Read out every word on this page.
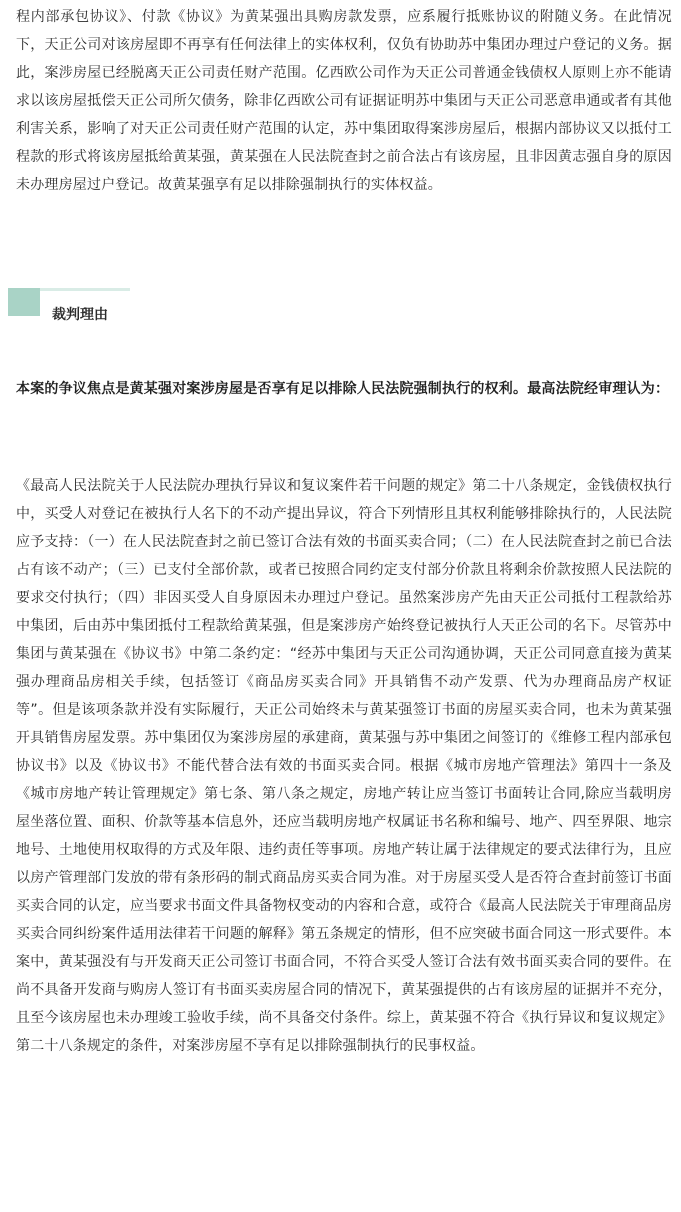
程内部承包协议》、付款《协议》为黄某强出具购房款发票，应系履行抵账协议的附随义务。在此情况下，天正公司对该房屋即不再享有任何法律上的实体权利，仅负有协助苏中集团办理过户登记的义务。据此，案涉房屋已经脱离天正公司责任财产范围。亿西欧公司作为天正公司普通金钱债权人原则上亦不能请求以该房屋抵偿天正公司所欠债务，除非亿西欧公司有证据证明苏中集团与天正公司恶意串通或者有其他利害关系，影响了对天正公司责任财产范围的认定，苏中集团取得案涉房屋后，根据内部协议又以抵付工程款的形式将该房屋抵给黄某强，黄某强在人民法院查封之前合法占有该房屋，且非因黄志强自身的原因未办理房屋过户登记。故黄某强享有足以排除强制执行的实体权益。

裁判理由

本案的争议焦点是黄某强对案涉房屋是否享有足以排除人民法院强制执行的权利。最高法院经审理认为：

《最高人民法院关于人民法院办理执行异议和复议案件若干问题的规定》第二十八条规定，金钱债权执行中，买受人对登记在被执行人名下的不动产提出异议，符合下列情形且其权利能够排除执行的，人民法院应予支持：（一）在人民法院查封之前已签订合法有效的书面买卖合同；（二）在人民法院查封之前已合法占有该不动产；（三）已支付全部价款，或者已按照合同约定支付部分价款且将剩余价款按照人民法院的要求交付执行；（四）非因买受人自身原因未办理过户登记。虽然案涉房产先由天正公司抵付工程款给苏中集团，后由苏中集团抵付工程款给黄某强，但是案涉房产始终登记被执行人天正公司的名下。尽管苏中集团与黄某强在《协议书》中第二条约定：“经苏中集团与天正公司沟通协调，天正公司同意直接为黄某强办理商品房相关手续，包括签订《商品房买卖合同》开具销售不动产发票、代为办理商品房产权证等”。但是该项条款并没有实际履行，天正公司始终未与黄某强签订书面的房屋买卖合同，也未为黄某强开具销售房屋发票。苏中集团仅为案涉房屋的承建商，黄某强与苏中集团之间签订的《维修工程内部承包协议书》以及《协议书》不能代替合法有效的书面买卖合同。根据《城市房地产管理法》第四十一条及《城市房地产转让管理规定》第七条、第八条之规定，房地产转让应当签订书面转让合同,除应当载明房屋坐落位置、面积、价款等基本信息外，还应当载明房地产权属证书名称和编号、地产、四至界限、地宗地号、土地使用权取得的方式及年限、违约责任等事项。房地产转让属于法律规定的要式法律行为，且应以房产管理部门发放的带有条形码的制式商品房买卖合同为准。对于房屋买受人是否符合查封前签订书面买卖合同的认定，应当要求书面文件具备物权变动的内容和合意，或符合《最高人民法院关于审理商品房买卖合同纠纷案件适用法律若干问题的解释》第五条规定的情形，但不应突破书面合同这一形式要件。本案中，黄某强没有与开发商天正公司签订书面合同，不符合买受人签订合法有效书面买卖合同的要件。在尚不具备开发商与购房人签订有书面买卖房屋合同的情况下，黄某强提供的占有该房屋的证据并不充分，且至今该房屋也未办理竣工验收手续，尚不具备交付条件。综上，黄某强不符合《执行异议和复议规定》第二十八条规定的条件，对案涉房屋不享有足以排除强制执行的民事权益。
